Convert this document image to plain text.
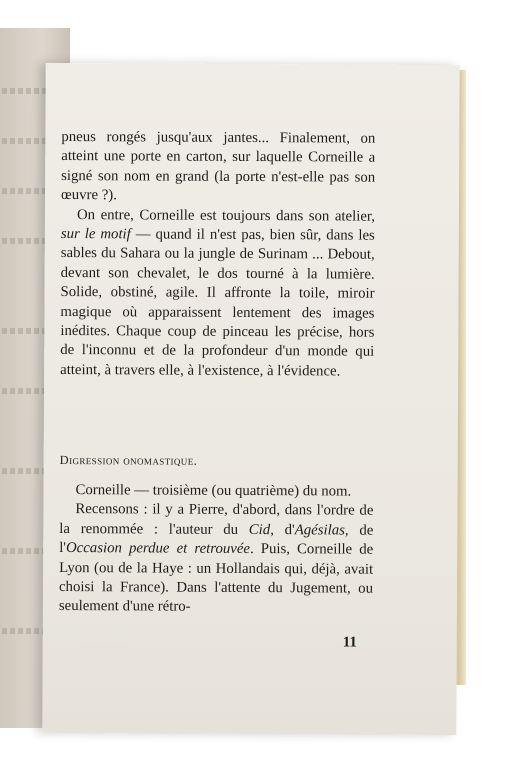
pneus rongés jusqu'aux jantes... Finalement, on atteint une porte en carton, sur laquelle Corneille a signé son nom en grand (la porte n'est-elle pas son œuvre ?).

On entre, Corneille est toujours dans son atelier, sur le motif — quand il n'est pas, bien sûr, dans les sables du Sahara ou la jungle de Surinam ... Debout, devant son chevalet, le dos tourné à la lumière. Solide, obstiné, agile. Il affronte la toile, miroir magique où apparaissent lentement des images inédites. Chaque coup de pinceau les précise, hors de l'inconnu et de la profondeur d'un monde qui atteint, à travers elle, à l'existence, à l'évidence.

Digression onomastique.

Corneille — troisième (ou quatrième) du nom.

Recensons : il y a Pierre, d'abord, dans l'ordre de la renommée : l'auteur du Cid, d'Agésilas, de l'Occasion perdue et retrouvée. Puis, Corneille de Lyon (ou de la Haye : un Hollandais qui, déjà, avait choisi la France). Dans l'attente du Jugement, ou seulement d'une rétro-

11
